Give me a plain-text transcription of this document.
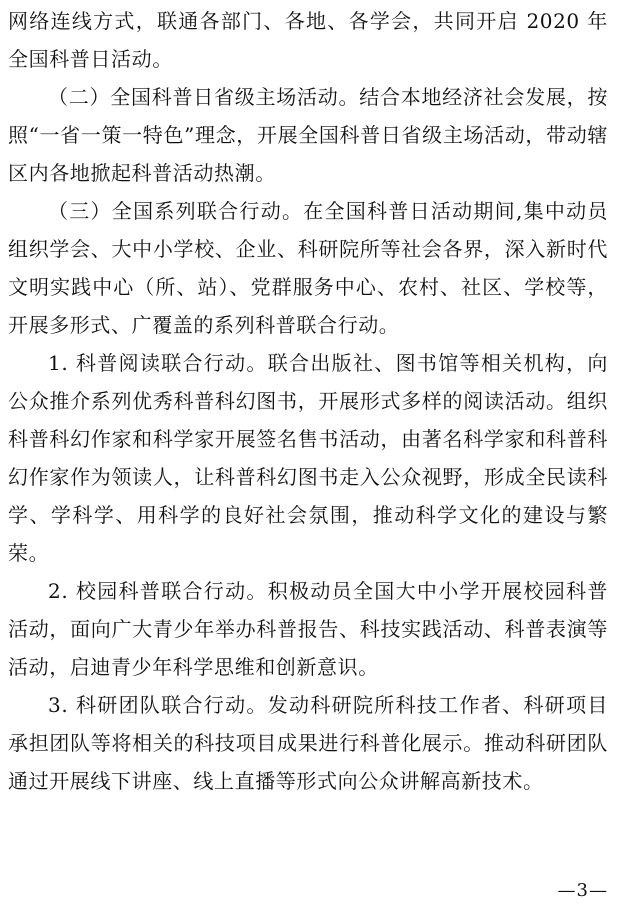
网络连线方式，联通各部门、各地、各学会，共同开启 2020 年全国科普日活动。

（二）全国科普日省级主场活动。结合本地经济社会发展，按照“一省一策一特色”理念，开展全国科普日省级主场活动，带动辖区内各地掀起科普活动热潮。

（三）全国系列联合行动。在全国科普日活动期间,集中动员组织学会、大中小学校、企业、科研院所等社会各界，深入新时代文明实践中心（所、站）、党群服务中心、农村、社区、学校等，开展多形式、广覆盖的系列科普联合行动。

1. 科普阅读联合行动。联合出版社、图书馆等相关机构，向公众推介系列优秀科普科幻图书，开展形式多样的阅读活动。组织科普科幻作家和科学家开展签名售书活动，由著名科学家和科普科幻作家作为领读人，让科普科幻图书走入公众视野，形成全民读科学、学科学、用科学的良好社会氛围，推动科学文化的建设与繁荣。

2. 校园科普联合行动。积极动员全国大中小学开展校园科普活动，面向广大青少年举办科普报告、科技实践活动、科普表演等活动，启迪青少年科学思维和创新意识。

3. 科研团队联合行动。发动科研院所科技工作者、科研项目承担团队等将相关的科技项目成果进行科普化展示。推动科研团队通过开展线下讲座、线上直播等形式向公众讲解高新技术。

—3—
